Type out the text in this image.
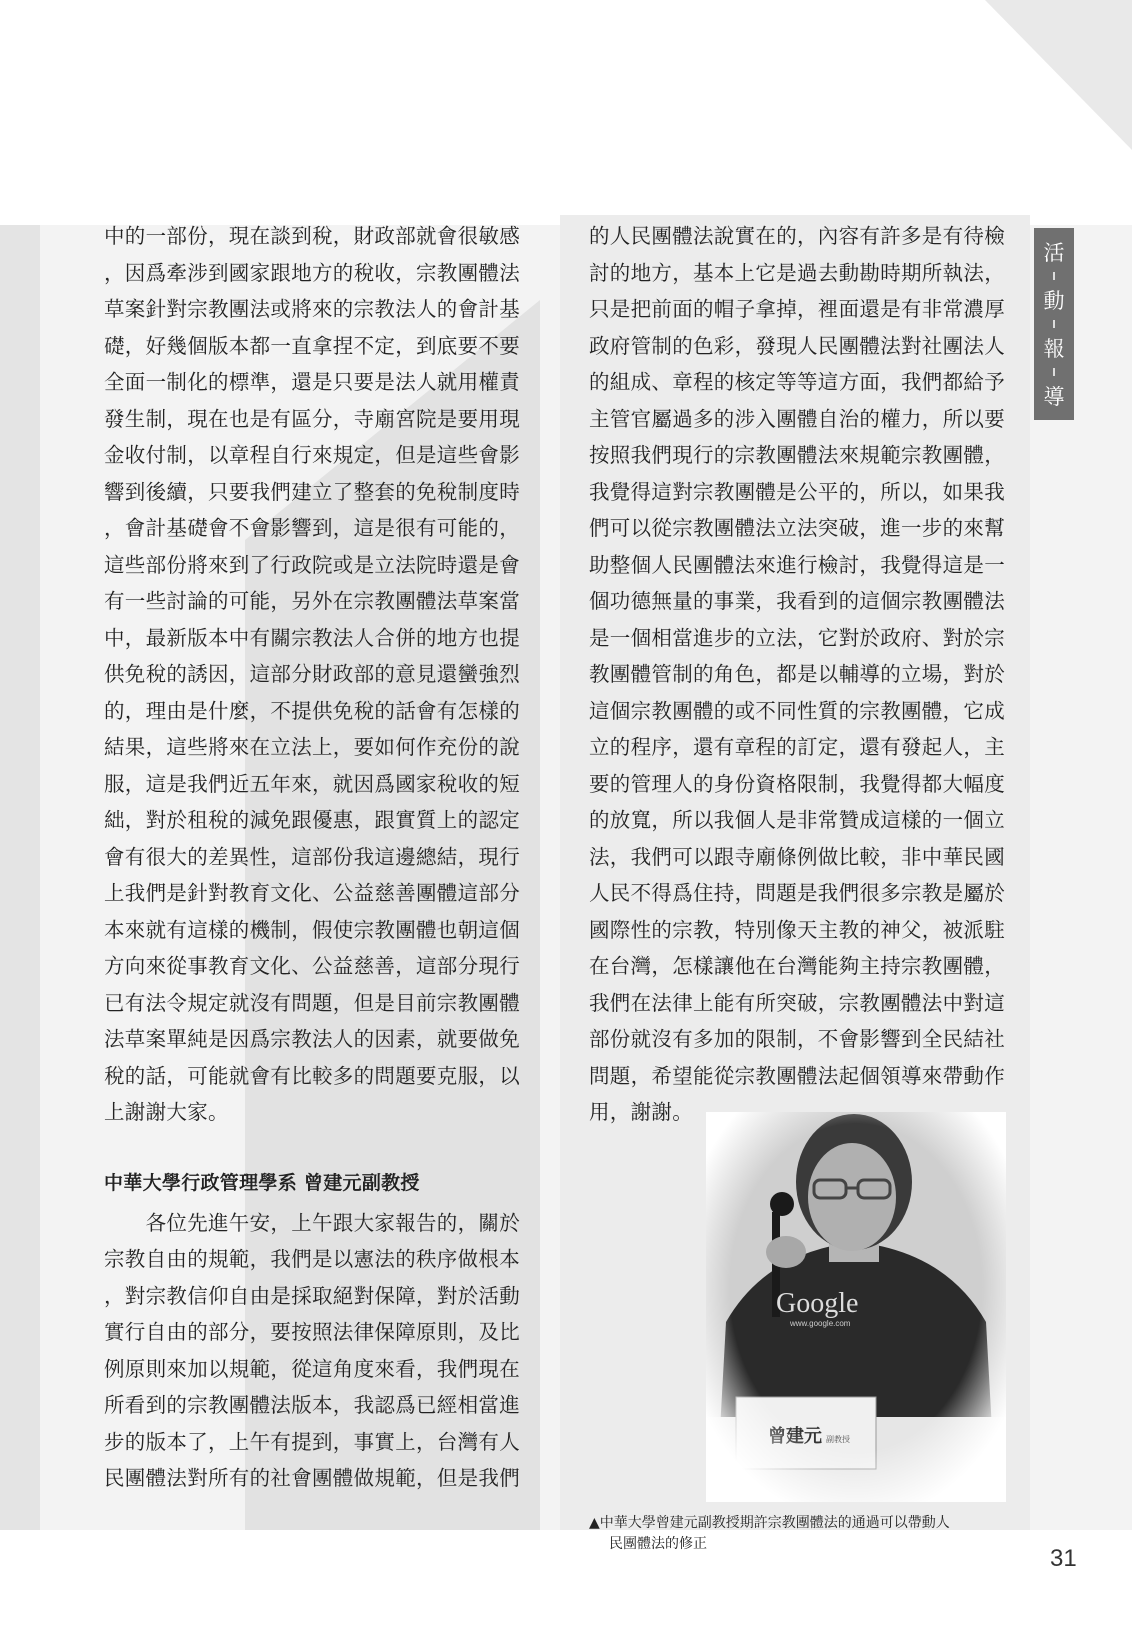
活
動
報
導

中的一部份，現在談到稅，財政部就會很敏感
，因爲牽涉到國家跟地方的稅收，宗教團體法
草案針對宗教團法或將來的宗教法人的會計基
礎，好幾個版本都一直拿捏不定，到底要不要
全面一制化的標準，還是只要是法人就用權責
發生制，現在也是有區分，寺廟宮院是要用現
金收付制，以章程自行來規定，但是這些會影
響到後續，只要我們建立了整套的免稅制度時
，會計基礎會不會影響到，這是很有可能的，
這些部份將來到了行政院或是立法院時還是會
有一些討論的可能，另外在宗教團體法草案當
中，最新版本中有關宗教法人合併的地方也提
供免稅的誘因，這部分財政部的意見還蠻強烈
的，理由是什麼，不提供免稅的話會有怎樣的
結果，這些將來在立法上，要如何作充份的說
服，這是我們近五年來，就因爲國家稅收的短
絀，對於租稅的減免跟優惠，跟實質上的認定
會有很大的差異性，這部份我這邊總結，現行
上我們是針對教育文化、公益慈善團體這部分
本來就有這樣的機制，假使宗教團體也朝這個
方向來從事教育文化、公益慈善，這部分現行
已有法令規定就沒有問題，但是目前宗教團體
法草案單純是因爲宗教法人的因素，就要做免
稅的話，可能就會有比較多的問題要克服，以
上謝謝大家。

中華大學行政管理學系 曾建元副教授

　　各位先進午安，上午跟大家報告的，關於
宗教自由的規範，我們是以憲法的秩序做根本
，對宗教信仰自由是採取絕對保障，對於活動
實行自由的部分，要按照法律保障原則，及比
例原則來加以規範，從這角度來看，我們現在
所看到的宗教團體法版本，我認爲已經相當進
步的版本了，上午有提到，事實上，台灣有人
民團體法對所有的社會團體做規範，但是我們

的人民團體法說實在的，內容有許多是有待檢
討的地方，基本上它是過去動勘時期所執法，
只是把前面的帽子拿掉，裡面還是有非常濃厚
政府管制的色彩，發現人民團體法對社團法人
的組成、章程的核定等等這方面，我們都給予
主管官屬過多的涉入團體自治的權力，所以要
按照我們現行的宗教團體法來規範宗教團體，
我覺得這對宗教團體是公平的，所以，如果我
們可以從宗教團體法立法突破，進一步的來幫
助整個人民團體法來進行檢討，我覺得這是一
個功德無量的事業，我看到的這個宗教團體法
是一個相當進步的立法，它對於政府、對於宗
教團體管制的角色，都是以輔導的立場，對於
這個宗教團體的或不同性質的宗教團體，它成
立的程序，還有章程的訂定，還有發起人，主
要的管理人的身份資格限制，我覺得都大幅度
的放寬，所以我個人是非常贊成這樣的一個立
法，我們可以跟寺廟條例做比較，非中華民國
人民不得爲住持，問題是我們很多宗教是屬於
國際性的宗教，特別像天主教的神父，被派駐
在台灣，怎樣讓他在台灣能夠主持宗教團體，
我們在法律上能有所突破，宗教團體法中對這
部份就沒有多加的限制，不會影響到全民結社
問題，希望能從宗教團體法起個領導來帶動作
用，謝謝。

▲中華大學曾建元副教授期許宗教團體法的通過可以帶動人
民團體法的修正
31
